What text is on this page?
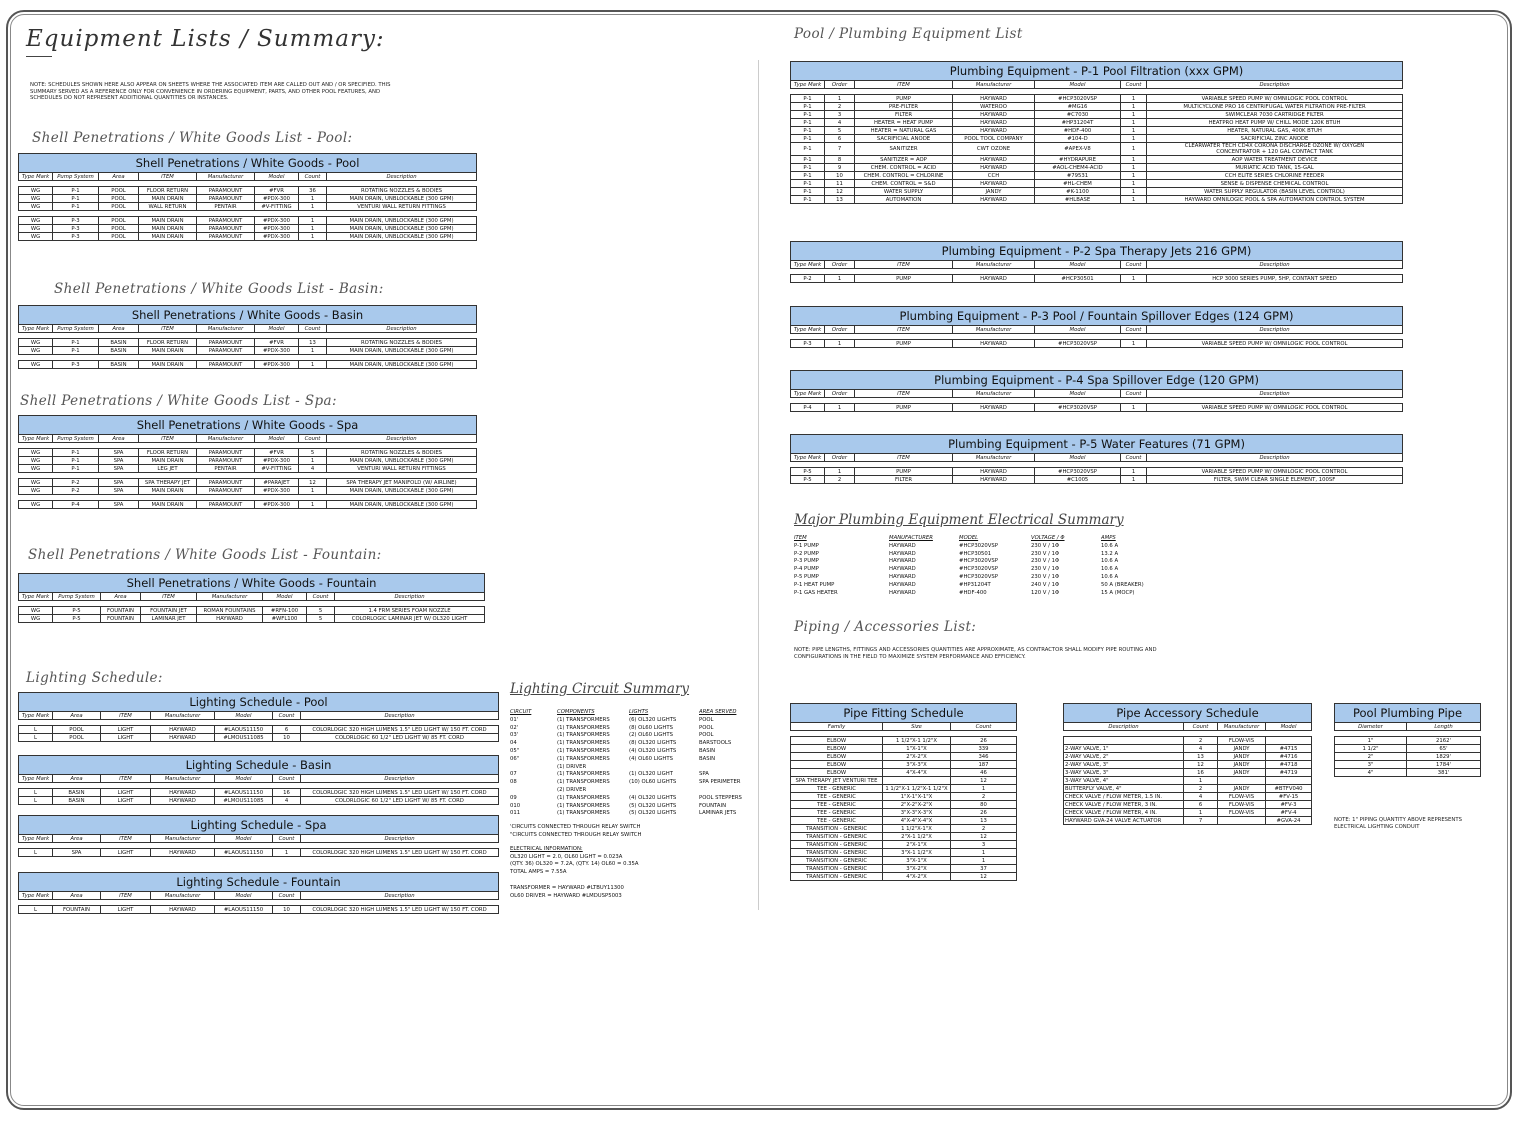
Equipment Lists / Summary:
NOTE: SCHEDULES SHOWN HERE ALSO APPEAR ON SHEETS WHERE THE ASSOCIATED ITEM ARE CALLED OUT AND / OR SPECIFIED. THIS SUMMARY SERVED AS A REFERENCE ONLY FOR CONVENIENCE IN ORDERING EQUIPMENT, PARTS, AND OTHER POOL FEATURES, AND SCHEDULES DO NOT REPRESENT ADDITIONAL QUANTITIES OR INSTANCES.
Shell Penetrations / White Goods List - Pool:
Shell Penetrations / White Goods - Pool							
Type Mark	Pump System	Area	ITEM	Manufacturer	Model	Count	Description

WG	P-1	POOL	FLOOR RETURN	PARAMOUNT	#FVR	36	ROTATING NOZZLES & BODIES
WG	P-1	POOL	MAIN DRAIN	PARAMOUNT	#PDX-300	1	MAIN DRAIN, UNBLOCKABLE (300 GPM)
WG	P-1	POOL	WALL RETURN	PENTAIR	#V-FITTING	1	VENTURI WALL RETURN FITTINGS

WG	P-3	POOL	MAIN DRAIN	PARAMOUNT	#PDX-300	1	MAIN DRAIN, UNBLOCKABLE (300 GPM)
WG	P-3	POOL	MAIN DRAIN	PARAMOUNT	#PDX-300	1	MAIN DRAIN, UNBLOCKABLE (300 GPM)
WG	P-3	POOL	MAIN DRAIN	PARAMOUNT	#PDX-300	1	MAIN DRAIN, UNBLOCKABLE (300 GPM)
Shell Penetrations / White Goods List - Basin:
Shell Penetrations / White Goods - Basin							
Type Mark	Pump System	Area	ITEM	Manufacturer	Model	Count	Description

WG	P-1	BASIN	FLOOR RETURN	PARAMOUNT	#FVR	13	ROTATING NOZZLES & BODIES
WG	P-1	BASIN	MAIN DRAIN	PARAMOUNT	#PDX-300	1	MAIN DRAIN, UNBLOCKABLE (300 GPM)

WG	P-3	BASIN	MAIN DRAIN	PARAMOUNT	#PDX-300	1	MAIN DRAIN, UNBLOCKABLE (300 GPM)
Shell Penetrations / White Goods List - Spa:
Shell Penetrations / White Goods - Spa							
Type Mark	Pump System	Area	ITEM	Manufacturer	Model	Count	Description

WG	P-1	SPA	FLOOR RETURN	PARAMOUNT	#FVR	5	ROTATING NOZZLES & BODIES
WG	P-1	SPA	MAIN DRAIN	PARAMOUNT	#PDX-300	1	MAIN DRAIN, UNBLOCKABLE (300 GPM)
WG	P-1	SPA	LEG JET	PENTAIR	#V-FITTING	4	VENTURI WALL RETURN FITTINGS

WG	P-2	SPA	SPA THERAPY JET	PARAMOUNT	#PARAJET	12	SPA THERAPY JET MANIFOLD (W/ AIRLINE)
WG	P-2	SPA	MAIN DRAIN	PARAMOUNT	#PDX-300	1	MAIN DRAIN, UNBLOCKABLE (300 GPM)

WG	P-4	SPA	MAIN DRAIN	PARAMOUNT	#PDX-300	1	MAIN DRAIN, UNBLOCKABLE (300 GPM)
Shell Penetrations / White Goods List - Fountain:
Shell Penetrations / White Goods - Fountain							
Type Mark	Pump System	Area	ITEM	Manufacturer	Model	Count	Description

WG	P-5	FOUNTAIN	FOUNTAIN JET	ROMAN FOUNTAINS	#RFN-100	5	1.4 FRM SERIES FOAM NOZZLE
WG	P-5	FOUNTAIN	LAMINAR JET	HAYWARD	#WFL100	5	COLORLOGIC LAMINAR JET W/ OL320 LIGHT
Lighting Schedule:
Lighting Schedule - Pool						
Type Mark	Area	ITEM	Manufacturer	Model	Count	Description

L	POOL	LIGHT	HAYWARD	#LAOUS11150	6	COLORLOGIC 320 HIGH LUMENS 1.5" LED LIGHT W/ 150 FT. CORD
L	POOL	LIGHT	HAYWARD	#LMOUS11085	10	COLORLOGIC 60 1/2" LED LIGHT W/ 85 FT. CORD
Lighting Schedule - Basin						
Type Mark	Area	ITEM	Manufacturer	Model	Count	Description

L	BASIN	LIGHT	HAYWARD	#LAOUS11150	16	COLORLOGIC 320 HIGH LUMENS 1.5" LED LIGHT W/ 150 FT. CORD
L	BASIN	LIGHT	HAYWARD	#LMOUS11085	4	COLORLOGIC 60 1/2" LED LIGHT W/ 85 FT. CORD
Lighting Schedule - Spa						
Type Mark	Area	ITEM	Manufacturer	Model	Count	Description

L	SPA	LIGHT	HAYWARD	#LAOUS11150	1	COLORLOGIC 320 HIGH LUMENS 1.5" LED LIGHT W/ 150 FT. CORD
Lighting Schedule - Fountain						
Type Mark	Area	ITEM	Manufacturer	Model	Count	Description

L	FOUNTAIN	LIGHT	HAYWARD	#LAOUS11150	10	COLORLOGIC 320 HIGH LUMENS 1.5" LED LIGHT W/ 150 FT. CORD
Lighting Circuit Summary
CIRCUIT	COMPONENTS	LIGHTS	AREA SERVED
01'	(1) TRANSFORMERS	(6) OL320 LIGHTS	POOL
02'	(1) TRANSFORMERS	(8) OL60 LIGHTS	POOL
03'	(1) TRANSFORMERS	(2) OL60 LIGHTS	POOL
04	(1) TRANSFORMERS	(8) OL320 LIGHTS	BARSTOOLS
05"	(1) TRANSFORMERS	(4) OL320 LIGHTS	BASIN
06"	(1) TRANSFORMERS	(4) OL60 LIGHTS	BASIN
(1) DRIVER
07	(1) TRANSFORMERS	(1) OL320 LIGHT	SPA
08	(1) TRANSFORMERS	(10) OL60 LIGHTS	SPA PERIMETER
(2) DRIVER
09	(1) TRANSFORMERS	(4) OL320 LIGHTS	POOL STEPPERS
010	(1) TRANSFORMERS	(5) OL320 LIGHTS	FOUNTAIN
011	(1) TRANSFORMERS	(5) OL320 LIGHTS	LAMINAR JETS
'CIRCUITS CONNECTED THROUGH RELAY SWITCH
"CIRCUITS CONNECTED THROUGH RELAY SWITCH
ELECTRICAL INFORMATION:
OL320 LIGHT = 2.0, OL60 LIGHT = 0.023A
(QTY. 36) OL320 = 7.2A, (QTY. 14) OL60 = 0.35A
TOTAL AMPS = 7.55A

TRANSFORMER = HAYWARD #LTBUY11300
OL60 DRIVER = HAYWARD #LMDUSP5003
Pool / Plumbing Equipment List
Plumbing Equipment - P-1 Pool Filtration (xxx GPM)						
Type Mark	Order	ITEM	Manufacturer	Model	Count	Description

P-1	1	PUMP	HAYWARD	#HCP3020VSP	1	VARIABLE SPEED PUMP W/ OMNILOGIC POOL CONTROL
P-1	2	PRE-FILTER	WATEROO	#MG16	1	MULTICYCLONE PRO 16 CENTRIFUGAL WATER FILTRATION PRE-FILTER
P-1	3	FILTER	HAYWARD	#C7030	1	SWIMCLEAR 7030 CARTRIDGE FILTER
P-1	4	HEATER = HEAT PUMP	HAYWARD	#HP31204T	1	HEATPRO HEAT PUMP W/ CHILL MODE 120K BTUH
P-1	5	HEATER = NATURAL GAS	HAYWARD	#HDF-400	1	HEATER, NATURAL GAS, 400K BTUH
P-1	6	SACRIFICIAL ANODE	POOL TOOL COMPANY	#104-D	1	SACRIFICIAL ZINC ANODE
P-1	7	SANITIZER	CWT OZONE	#APEX-V8	1	CLEARWATER TECH CD4X CORONA DISCHARGE OZONE W/ OXYGEN
CONCENTRATOR + 120 GAL CONTACT TANK
P-1	8	SANITIZER = AOP	HAYWARD	#HYDRAPURE	1	AOP WATER TREATMENT DEVICE
P-1	9	CHEM. CONTROL = ACID	HAYWARD	#AOL-CHEM4-ACID	1	MURIATIC ACID TANK, 15-GAL
P-1	10	CHEM. CONTROL = CHLORINE	CCH	#79531	1	CCH ELITE SERIES CHLORINE FEEDER
P-1	11	CHEM. CONTROL = S&D	HAYWARD	#HL-CHEM	1	SENSE & DISPENSE CHEMICAL CONTROL
P-1	12	WATER SUPPLY	JANDY	#K-1100	1	WATER SUPPLY REGULATOR (BASIN LEVEL CONTROL)
P-1	13	AUTOMATION	HAYWARD	#HLBASE	1	HAYWARD OMNILOGIC POOL & SPA AUTOMATION CONTROL SYSTEM
Plumbing Equipment - P-2 Spa Therapy Jets 216 GPM)						
Type Mark	Order	ITEM	Manufacturer	Model	Count	Description

P-2	1	PUMP	HAYWARD	#HCP30501	1	HCP 3000 SERIES PUMP, 5HP, CONTANT SPEED
Plumbing Equipment - P-3 Pool / Fountain Spillover Edges (124 GPM)						
Type Mark	Order	ITEM	Manufacturer	Model	Count	Description

P-3	1	PUMP	HAYWARD	#HCP3020VSP	1	VARIABLE SPEED PUMP W/ OMNILOGIC POOL CONTROL
Plumbing Equipment - P-4 Spa Spillover Edge (120 GPM)						
Type Mark	Order	ITEM	Manufacturer	Model	Count	Description

P-4	1	PUMP	HAYWARD	#HCP3020VSP	1	VARIABLE SPEED PUMP W/ OMNILOGIC POOL CONTROL
Plumbing Equipment - P-5 Water Features (71 GPM)						
Type Mark	Order	ITEM	Manufacturer	Model	Count	Description

P-5	1	PUMP	HAYWARD	#HCP3020VSP	1	VARIABLE SPEED PUMP W/ OMNILOGIC POOL CONTROL
P-5	2	FILTER	HAYWARD	#C1005	1	FILTER, SWIM CLEAR SINGLE ELEMENT, 100SF
Major Plumbing Equipment Electrical Summary
ITEM	MANUFACTURER	MODEL	VOLTAGE / Φ	AMPS
P-1 PUMP	HAYWARD	#HCP3020VSP	230 V / 1Φ	10.6 A
P-2 PUMP	HAYWARD	#HCP30501	230 V / 1Φ	13.2 A
P-3 PUMP	HAYWARD	#HCP3020VSP	230 V / 1Φ	10.6 A
P-4 PUMP	HAYWARD	#HCP3020VSP	230 V / 1Φ	10.6 A
P-5 PUMP	HAYWARD	#HCP3020VSP	230 V / 1Φ	10.6 A
P-1 HEAT PUMP	HAYWARD	#HP31204T	240 V / 1Φ	50 A (BREAKER)
P-1 GAS HEATER	HAYWARD	#HDF-400	120 V / 1Φ	15 A (MOCP)
Piping / Accessories List:
NOTE: PIPE LENGTHS, FITTINGS AND ACCESSORIES QUANTITIES ARE APPROXIMATE, AS CONTRACTOR SHALL MODIFY PIPE ROUTING AND CONFIGURATIONS IN THE FIELD TO MAXIMIZE SYSTEM PERFORMANCE AND EFFICIENCY.
Pipe Fitting Schedule		
Family	Size	Count

ELBOW	1 1/2"X-1 1/2"X	26
ELBOW	1"X-1"X	339
ELBOW	2"X-2"X	346
ELBOW	3"X-3"X	187
ELBOW	4"X-4"X	46
SPA THERAPY JET VENTURI TEE		12
TEE - GENERIC	1 1/2"X-1 1/2"X-1 1/2"X	1
TEE - GENERIC	1"X-1"X-1"X	2
TEE - GENERIC	2"X-2"X-2"X	80
TEE - GENERIC	3"X-3"X-3"X	26
TEE - GENERIC	4"X-4"X-4"X	13
TRANSITION - GENERIC	1 1/2"X-1"X	2
TRANSITION - GENERIC	2"X-1 1/2"X	12
TRANSITION - GENERIC	2"X-1"X	3
TRANSITION - GENERIC	3"X-1 1/2"X	1
TRANSITION - GENERIC	3"X-1"X	1
TRANSITION - GENERIC	3"X-2"X	37
TRANSITION - GENERIC	4"X-2"X	12
Pipe Accessory Schedule			
Description	Count	Manufacturer	Model

	2	FLOW-VIS	
2-WAY VALVE, 1"	4	JANDY	#4715
2-WAY VALVE, 2"	13	JANDY	#4716
2-WAY VALVE, 3"	12	JANDY	#4718
3-WAY VALVE, 3"	16	JANDY	#4719
3-WAY VALVE, 4"	1		
BUTTERFLY VALVE, 4"	2	JANDY	#BTFV040
CHECK VALVE / FLOW METER, 1.5 IN.	4	FLOW-VIS	#FV-15
CHECK VALVE / FLOW METER, 3 IN.	6	FLOW-VIS	#FV-3
CHECK VALVE / FLOW METER, 4 IN.	1	FLOW-VIS	#FV-4
HAYWARD GVA-24 VALVE ACTUATOR	7		#GVA-24
Pool Plumbing Pipe	
Diameter	Length

1"	2162'
1 1/2"	65'
2"	1829'
3"	1784'
4"	381'
NOTE: 1" PIPING QUANTITY ABOVE REPRESENTS ELECTRICAL LIGHTING CONDUIT
